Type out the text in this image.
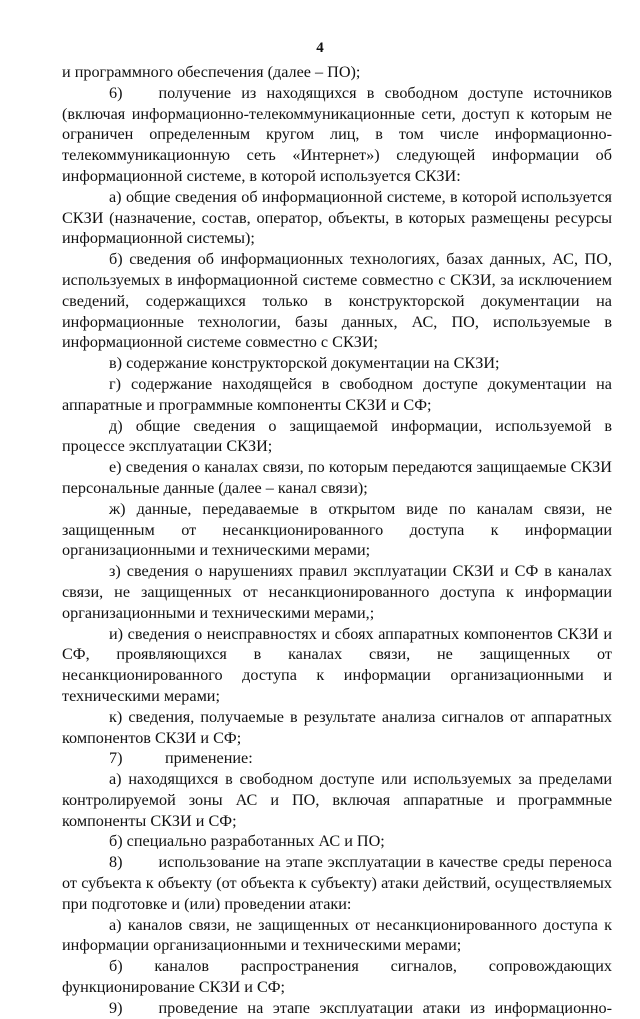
4

и программного обеспечения (далее – ПО);

6) получение из находящихся в свободном доступе источников (включая информационно-телекоммуникационные сети, доступ к которым не ограничен определенным кругом лиц, в том числе информационно-телекоммуникационную сеть «Интернет») следующей информации об информационной системе, в которой используется СКЗИ:

а) общие сведения об информационной системе, в которой используется СКЗИ (назначение, состав, оператор, объекты, в которых размещены ресурсы информационной системы);

б) сведения об информационных технологиях, базах данных, АС, ПО, используемых в информационной системе совместно с СКЗИ, за исключением сведений, содержащихся только в конструкторской документации на информационные технологии, базы данных, АС, ПО, используемые в информационной системе совместно с СКЗИ;

в) содержание конструкторской документации на СКЗИ;

г) содержание находящейся в свободном доступе документации на аппаратные и программные компоненты СКЗИ и СФ;

д) общие сведения о защищаемой информации, используемой в процессе эксплуатации СКЗИ;

е) сведения о каналах связи, по которым передаются защищаемые СКЗИ персональные данные (далее – канал связи);

ж) данные, передаваемые в открытом виде по каналам связи, не защищенным от несанкционированного доступа к информации организационными и техническими мерами;

з) сведения о нарушениях правил эксплуатации СКЗИ и СФ в каналах связи, не защищенных от несанкционированного доступа к информации организационными и техническими мерами,;

и) сведения о неисправностях и сбоях аппаратных компонентов СКЗИ и СФ, проявляющихся в каналах связи, не защищенных от несанкционированного доступа к информации организационными и техническими мерами;

к) сведения, получаемые в результате анализа сигналов от аппаратных компонентов СКЗИ и СФ;

7)	применение:

а) находящихся в свободном доступе или используемых за пределами контролируемой зоны АС и ПО, включая аппаратные и программные компоненты СКЗИ и СФ;

б) специально разработанных АС и ПО;

8) использование на этапе эксплуатации в качестве среды переноса от субъекта к объекту (от объекта к субъекту) атаки действий, осуществляемых при подготовке и (или) проведении атаки:

а) каналов связи, не защищенных от несанкционированного доступа к информации организационными и техническими мерами;

б) каналов распространения сигналов, сопровождающих функционирование СКЗИ и СФ;

9) проведение на этапе эксплуатации атаки из информационно-
